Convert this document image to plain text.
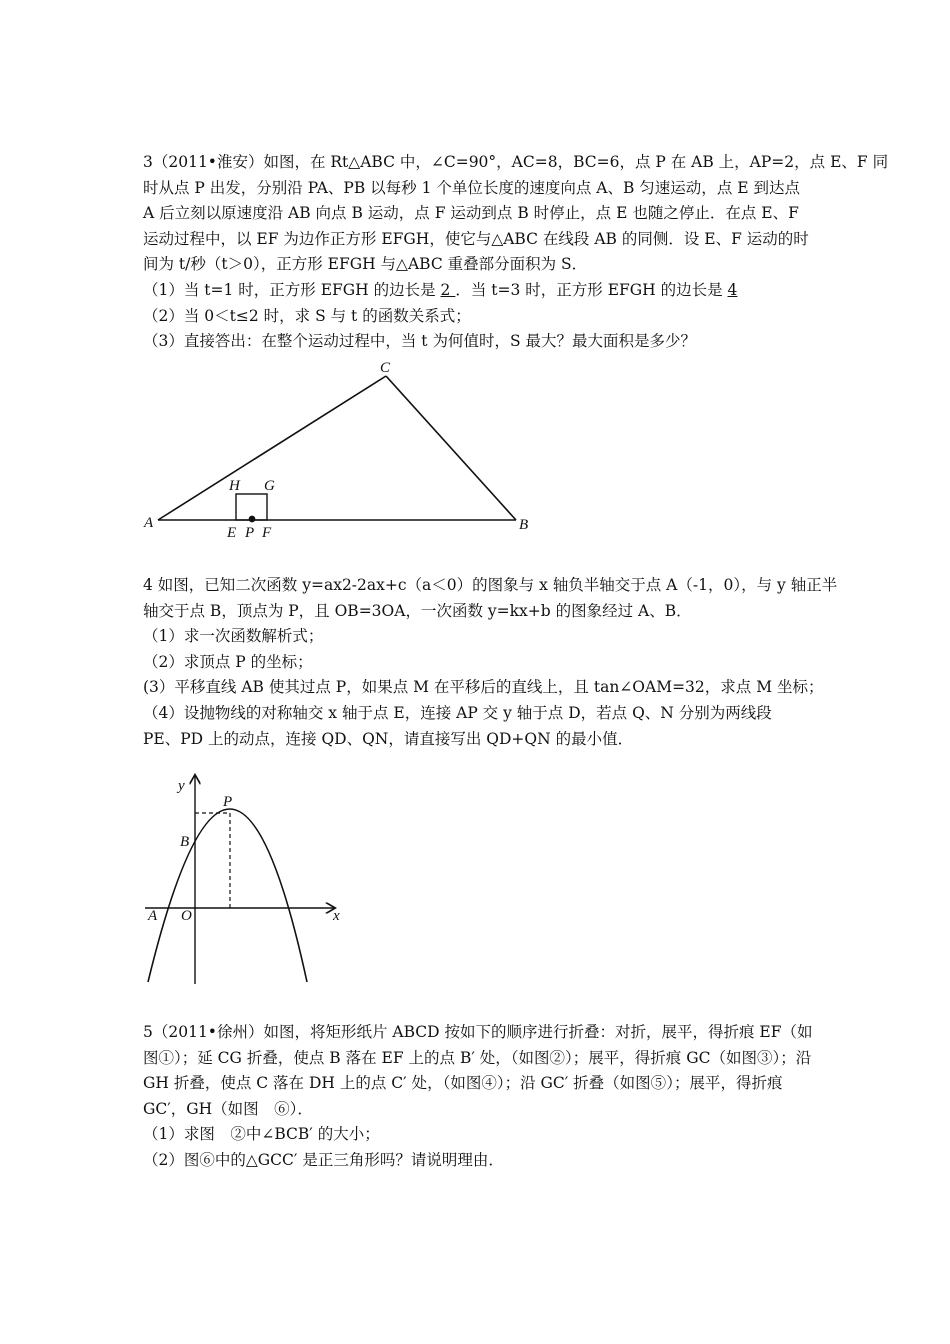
3（2011•淮安）如图，在 Rt△ABC 中，∠C=90°，AC=8，BC=6，点 P 在 AB 上，AP=2，点 E、F 同
时从点 P 出发，分别沿 PA、PB 以每秒 1 个单位长度的速度向点 A、B 匀速运动，点 E 到达点
A 后立刻以原速度沿 AB 向点 B 运动，点 F 运动到点 B 时停止，点 E 也随之停止．在点 E、F
运动过程中，以 EF 为边作正方形 EFGH，使它与△ABC 在线段 AB 的同侧．设 E、F 运动的时
间为 t/秒（t＞0），正方形 EFGH 与△ABC 重叠部分面积为 S．
（1）当 t=1 时，正方形 EFGH 的边长是 2 ．当 t=3 时，正方形 EFGH 的边长是 4
（2）当 0＜t≤2 时，求 S 与 t 的函数关系式；
（3）直接答出：在整个运动过程中，当 t 为何值时，S 最大？最大面积是多少？
A	B
C
H G
E P F
4 如图，已知二次函数 y=ax2-2ax+c（a＜0）的图象与 x 轴负半轴交于点 A（-1，0），与 y 轴正半
轴交于点 B，顶点为 P，且 OB=3OA，一次函数 y=kx+b 的图象经过 A、B．
（1）求一次函数解析式；
（2）求顶点 P 的坐标；
(3）平移直线 AB 使其过点 P，如果点 M 在平移后的直线上，且 tan∠OAM=32，求点 M 坐标；
（4）设抛物线的对称轴交 x 轴于点 E，连接 AP 交 y 轴于点 D，若点 Q、N 分别为两线段
PE、PD 上的动点，连接 QD、QN，请直接写出 QD+QN 的最小值．
y
P
B
A O	x
5（2011•徐州）如图，将矩形纸片 ABCD 按如下的顺序进行折叠：对折，展平，得折痕 EF（如
图①）；延 CG 折叠，使点 B 落在 EF 上的点 B′ 处，（如图②）；展平，得折痕 GC（如图③）；沿
GH 折叠，使点 C 落在 DH 上的点 C′ 处，（如图④）；沿 GC′ 折叠（如图⑤）；展平，得折痕
GC′，GH（如图　⑥）．
（1）求图　②中∠BCB′ 的大小；
（2）图⑥中的△GCC′ 是正三角形吗？请说明理由．
